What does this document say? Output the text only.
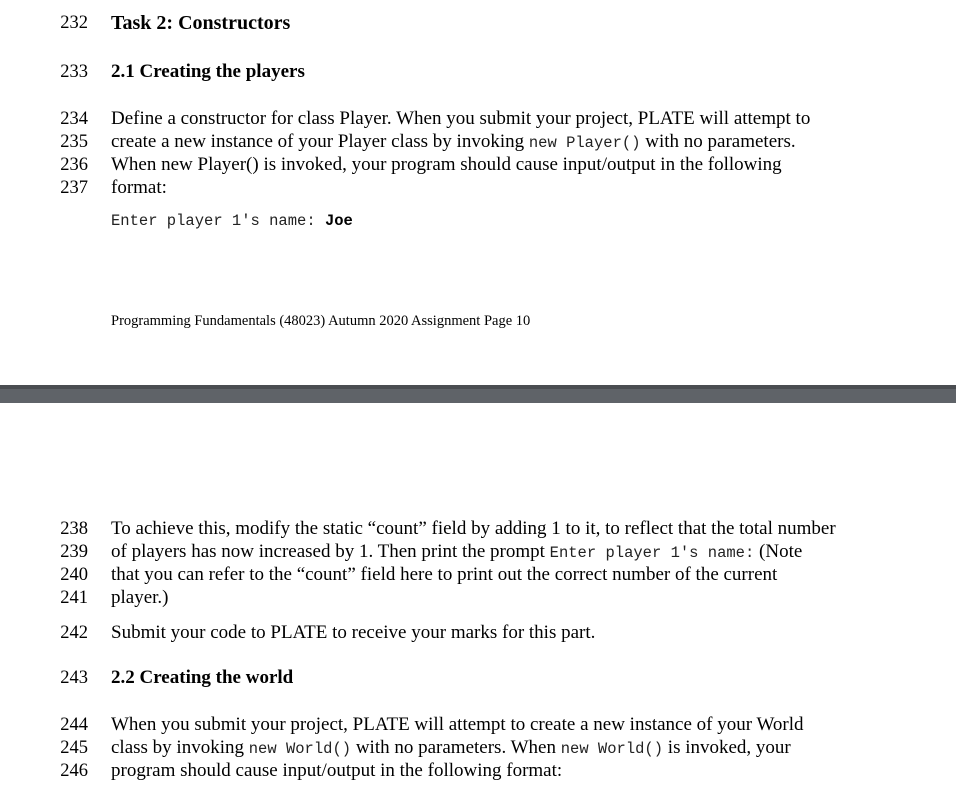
232 Task 2: Constructors
233 2.1 Creating the players
234 Define a constructor for class Player. When you submit your project, PLATE will attempt to
235 create a new instance of your Player class by invoking new Player() with no parameters.
236 When new Player() is invoked, your program should cause input/output in the following
237 format:
Enter player 1's name: Joe
Programming Fundamentals (48023) Autumn 2020 Assignment Page 10
238 To achieve this, modify the static “count” field by adding 1 to it, to reflect that the total number
239 of players has now increased by 1. Then print the prompt Enter player 1's name: (Note
240 that you can refer to the “count” field here to print out the correct number of the current
241 player.)
242 Submit your code to PLATE to receive your marks for this part.
243 2.2 Creating the world
244 When you submit your project, PLATE will attempt to create a new instance of your World
245 class by invoking new World() with no parameters. When new World() is invoked, your
246 program should cause input/output in the following format:
